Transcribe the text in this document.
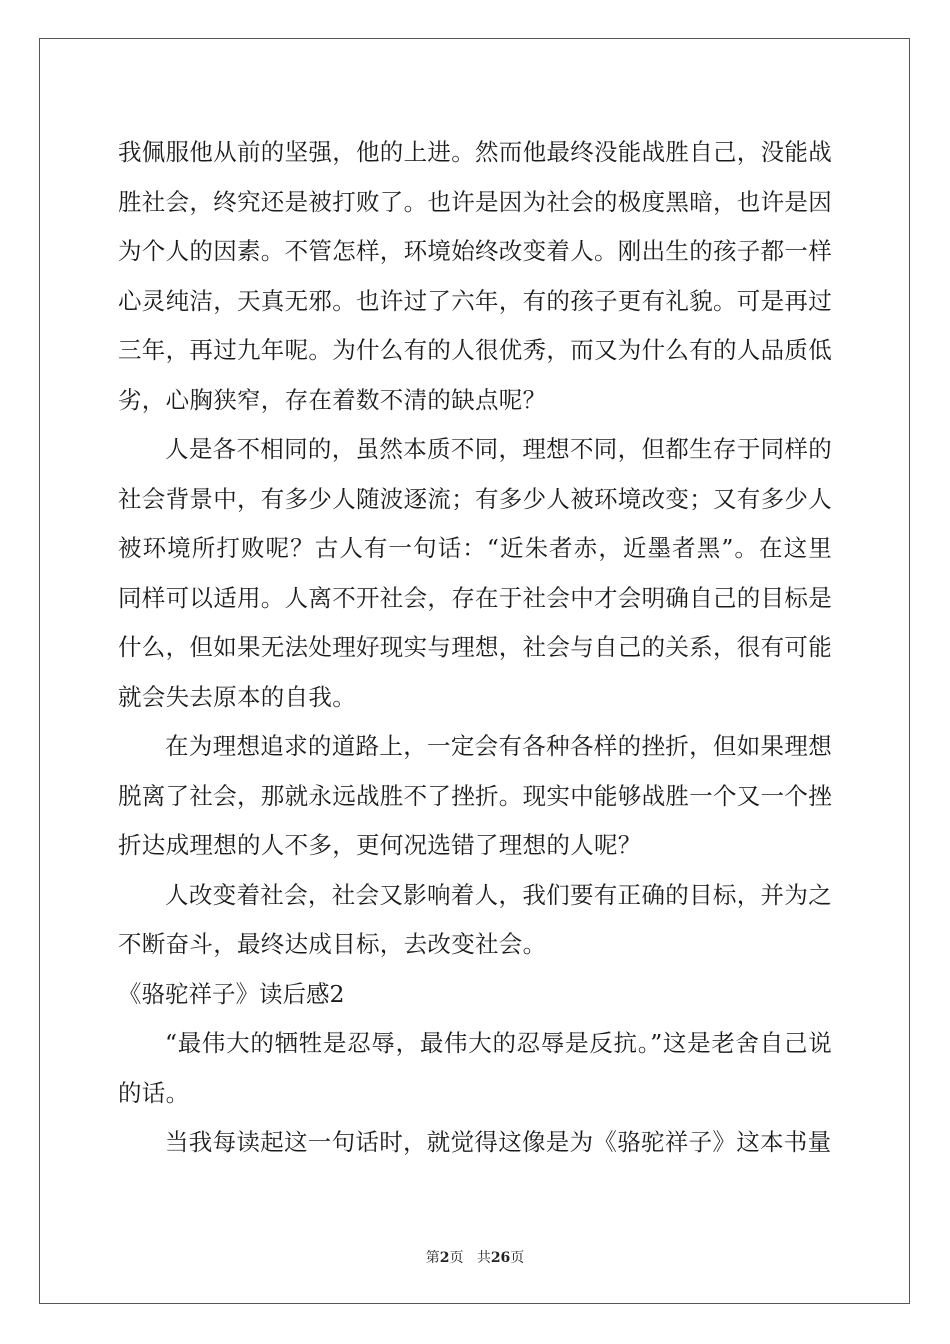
我佩服他从前的坚强，他的上进。然而他最终没能战胜自己，没能战胜社会，终究还是被打败了。也许是因为社会的极度黑暗，也许是因为个人的因素。不管怎样，环境始终改变着人。刚出生的孩子都一样心灵纯洁，天真无邪。也许过了六年，有的孩子更有礼貌。可是再过三年，再过九年呢。为什么有的人很优秀，而又为什么有的人品质低劣，心胸狭窄，存在着数不清的缺点呢？

人是各不相同的，虽然本质不同，理想不同，但都生存于同样的社会背景中，有多少人随波逐流；有多少人被环境改变；又有多少人被环境所打败呢？古人有一句话：“近朱者赤，近墨者黑”。在这里同样可以适用。人离不开社会，存在于社会中才会明确自己的目标是什么，但如果无法处理好现实与理想，社会与自己的关系，很有可能就会失去原本的自我。

在为理想追求的道路上，一定会有各种各样的挫折，但如果理想脱离了社会，那就永远战胜不了挫折。现实中能够战胜一个又一个挫折达成理想的人不多，更何况选错了理想的人呢？

人改变着社会，社会又影响着人，我们要有正确的目标，并为之不断奋斗，最终达成目标，去改变社会。

《骆驼祥子》读后感2

“最伟大的牺牲是忍辱，最伟大的忍辱是反抗。”这是老舍自己说的话。

当我每读起这一句话时，就觉得这像是为《骆驼祥子》这本书量

第2页 共26页
